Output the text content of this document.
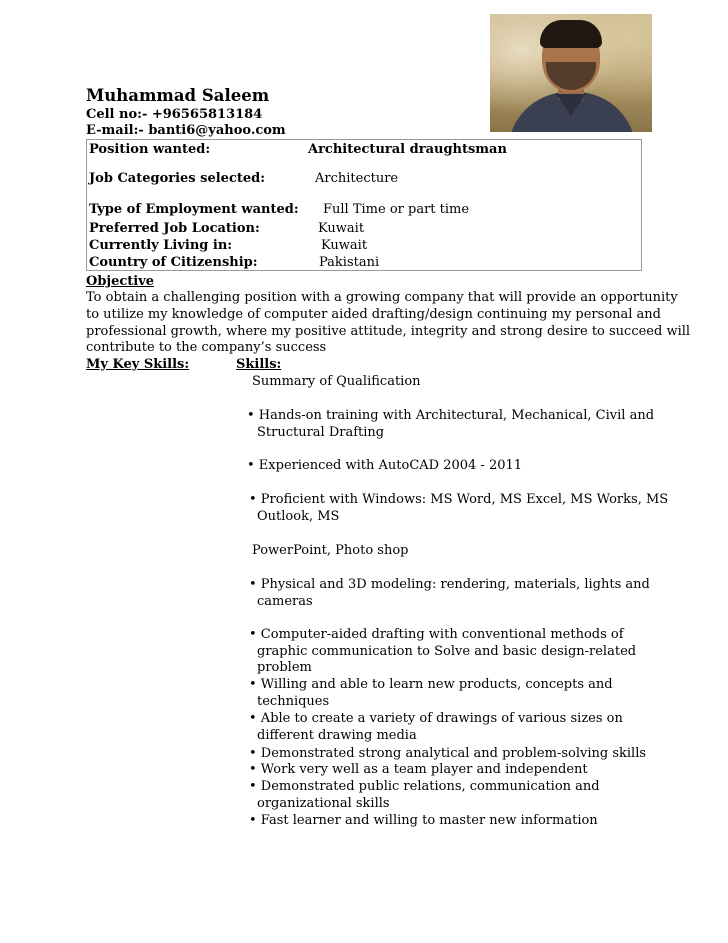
Muhammad Saleem
Cell no:- +96565813184
E-mail:- banti6@yahoo.com
Position wanted:	Architectural draughtsman
Job Categories selected:	Architecture
Type of Employment wanted: Full Time or part time
Preferred Job Location:	Kuwait
Currently Living in:	Kuwait
Country of Citizenship:	Pakistani
Objective
To obtain a challenging position with a growing company that will provide an opportunity
to utilize my knowledge of computer aided drafting/design continuing my personal and
professional growth, where my positive attitude, integrity and strong desire to succeed will
contribute to the company’s success
My Key Skills:	Skills:
Summary of Qualification
• Hands-on training with Architectural, Mechanical, Civil and
Structural Drafting
• Experienced with AutoCAD 2004 - 2011
• Proficient with Windows: MS Word, MS Excel, MS Works, MS
Outlook, MS
PowerPoint, Photo shop
• Physical and 3D modeling: rendering, materials, lights and
cameras
• Computer-aided drafting with conventional methods of
graphic communication to Solve and basic design-related
problem
• Willing and able to learn new products, concepts and
techniques
• Able to create a variety of drawings of various sizes on
different drawing media
• Demonstrated strong analytical and problem-solving skills
• Work very well as a team player and independent
• Demonstrated public relations, communication and
organizational skills
• Fast learner and willing to master new information
